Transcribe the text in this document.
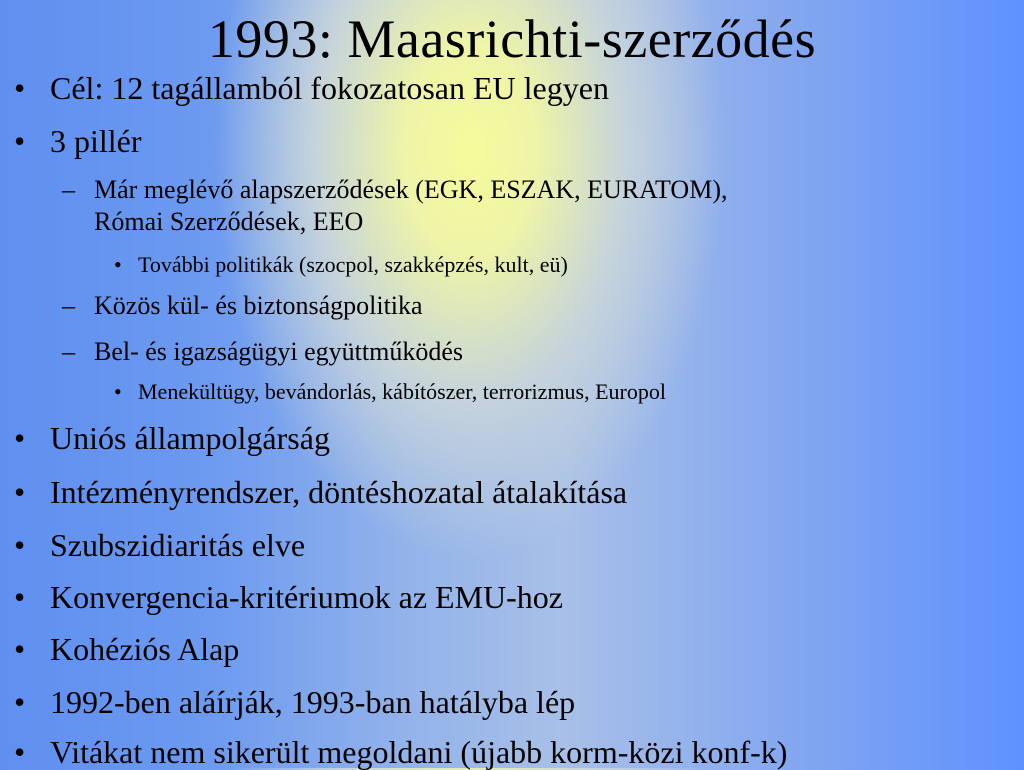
1993: Maasrichti-szerződés
• Cél: 12 tagállamból fokozatosan EU legyen
• 3 pillér
– Már meglévő alapszerződések (EGK, ESZAK, EURATOM),
Római Szerződések, EEO
• További politikák (szocpol, szakképzés, kult, eü)
– Közös kül- és biztonságpolitika
– Bel- és igazságügyi együttműködés
• Menekültügy, bevándorlás, kábítószer, terrorizmus, Europol
• Uniós állampolgárság
• Intézményrendszer, döntéshozatal átalakítása
• Szubszidiaritás elve
• Konvergencia-kritériumok az EMU-hoz
• Kohéziós Alap
• 1992-ben aláírják, 1993-ban hatályba lép
• Vitákat nem sikerült megoldani (újabb korm-közi konf-k)
